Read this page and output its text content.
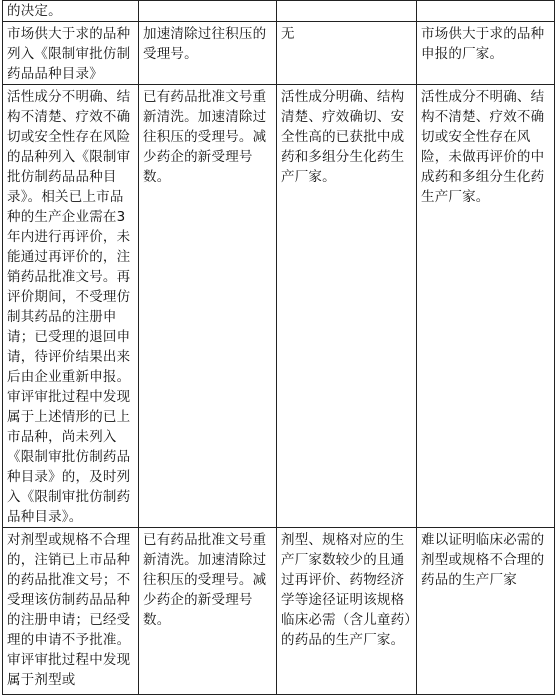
的决定。			
市场供大于求的品种列入《限制审批仿制药品品种目录》	加速清除过往积压的受理号。	无	市场供大于求的品种申报的厂家。
活性成分不明确、结构不清楚、疗效不确切或安全性存在风险的品种列入《限制审批仿制药品品种目录》。相关已上市品种的生产企业需在3年内进行再评价，未能通过再评价的，注销药品批准文号。再评价期间，不受理仿制其药品的注册申请；已受理的退回申请，待评价结果出来后由企业重新申报。审评审批过程中发现属于上述情形的已上市品种，尚未列入《限制审批仿制药品种目录》的，及时列入《限制审批仿制药品种目录》。	已有药品批准文号重新清洗。加速清除过往积压的受理号。减少药企的新受理号数。	活性成分明确、结构清楚、疗效确切、安全性高的已获批中成药和多组分生化药生产厂家。	活性成分不明确、结构不清楚、疗效不确切或安全性存在风险，未做再评价的中成药和多组分生化药生产厂家。
对剂型或规格不合理的，注销已上市品种的药品批准文号；不受理该仿制药品品种的注册申请；已经受理的申请不予批准。审评审批过程中发现属于剂型或	已有药品批准文号重新清洗。加速清除过往积压的受理号。减少药企的新受理号数。	剂型、规格对应的生产厂家数较少的且通过再评价、药物经济学等途径证明该规格临床必需（含儿童药）的药品的生产厂家。	难以证明临床必需的剂型或规格不合理的药品的生产厂家
